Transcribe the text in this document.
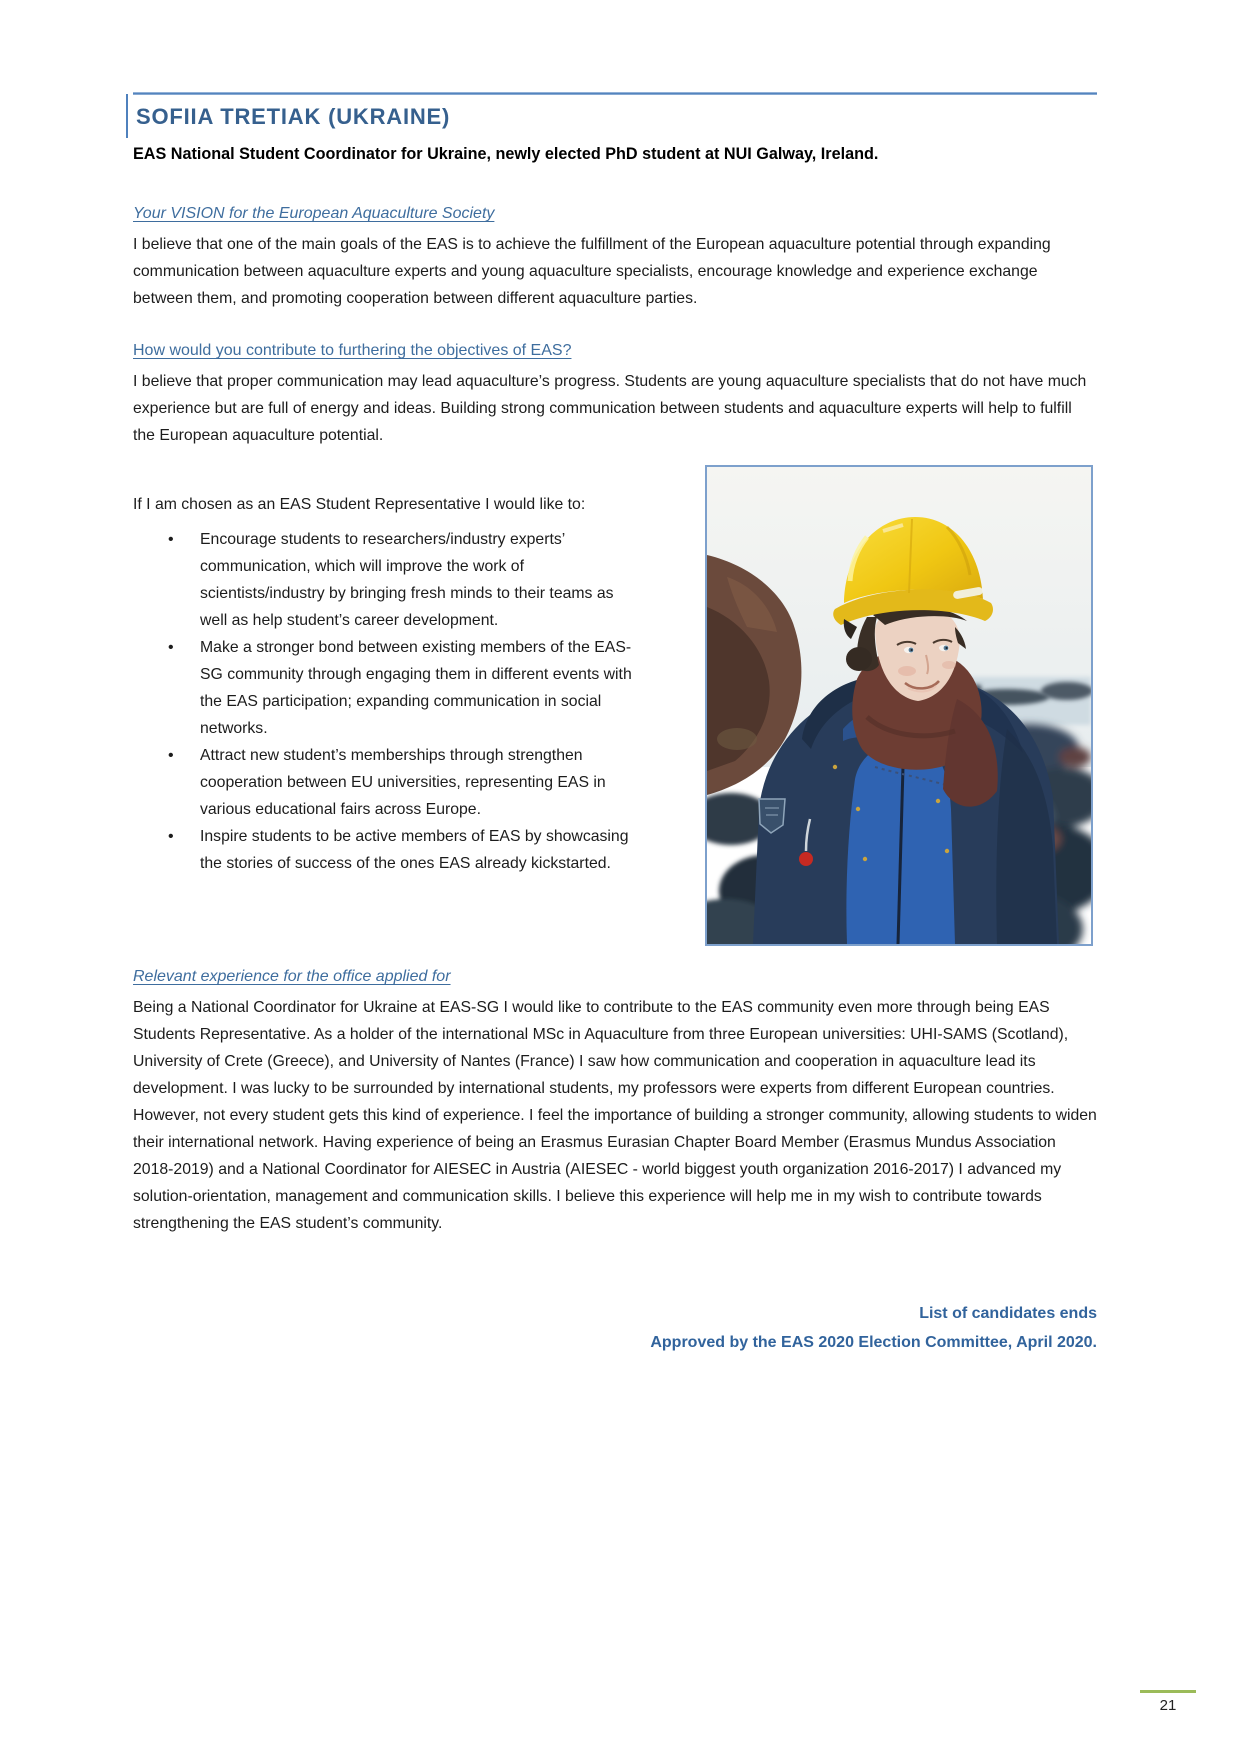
SOFIIA TRETIAK (UKRAINE)
EAS National Student Coordinator for Ukraine, newly elected PhD student at NUI Galway, Ireland.
Your VISION for the European Aquaculture Society

I believe that one of the main goals of the EAS is to achieve the fulfillment of the European aquaculture potential through expanding communication between aquaculture experts and young aquaculture specialists, encourage knowledge and experience exchange between them, and promoting cooperation between different aquaculture parties.

How would you contribute to furthering the objectives of EAS?

I believe that proper communication may lead aquaculture’s progress. Students are young aquaculture specialists that do not have much experience but are full of energy and ideas. Building strong communication between students and aquaculture experts will help to fulfill the European aquaculture potential.

If I am chosen as an EAS Student Representative I would like to:

• Encourage students to researchers/industry experts’ communication, which will improve the work of scientists/industry by bringing fresh minds to their teams as well as help student’s career development.
• Make a stronger bond between existing members of the EAS-SG community through engaging them in different events with the EAS participation; expanding communication in social networks.
• Attract new student’s memberships through strengthen cooperation between EU universities, representing EAS in various educational fairs across Europe.
• Inspire students to be active members of EAS by showcasing the stories of success of the ones EAS already kickstarted.
Relevant experience for the office applied for

Being a National Coordinator for Ukraine at EAS-SG I would like to contribute to the EAS community even more through being EAS Students Representative. As a holder of the international MSc in Aquaculture from three European universities: UHI-SAMS (Scotland), University of Crete (Greece), and University of Nantes (France) I saw how communication and cooperation in aquaculture lead its development. I was lucky to be surrounded by international students, my professors were experts from different European countries. However, not every student gets this kind of experience. I feel the importance of building a stronger community, allowing students to widen their international network. Having experience of being an Erasmus Eurasian Chapter Board Member (Erasmus Mundus Association 2018-2019) and a National Coordinator for AIESEC in Austria (AIESEC - world biggest youth organization 2016-2017) I advanced my solution-orientation, management and communication skills. I believe this experience will help me in my wish to contribute towards strengthening the EAS student’s community.

List of candidates ends
Approved by the EAS 2020 Election Committee, April 2020.
21
